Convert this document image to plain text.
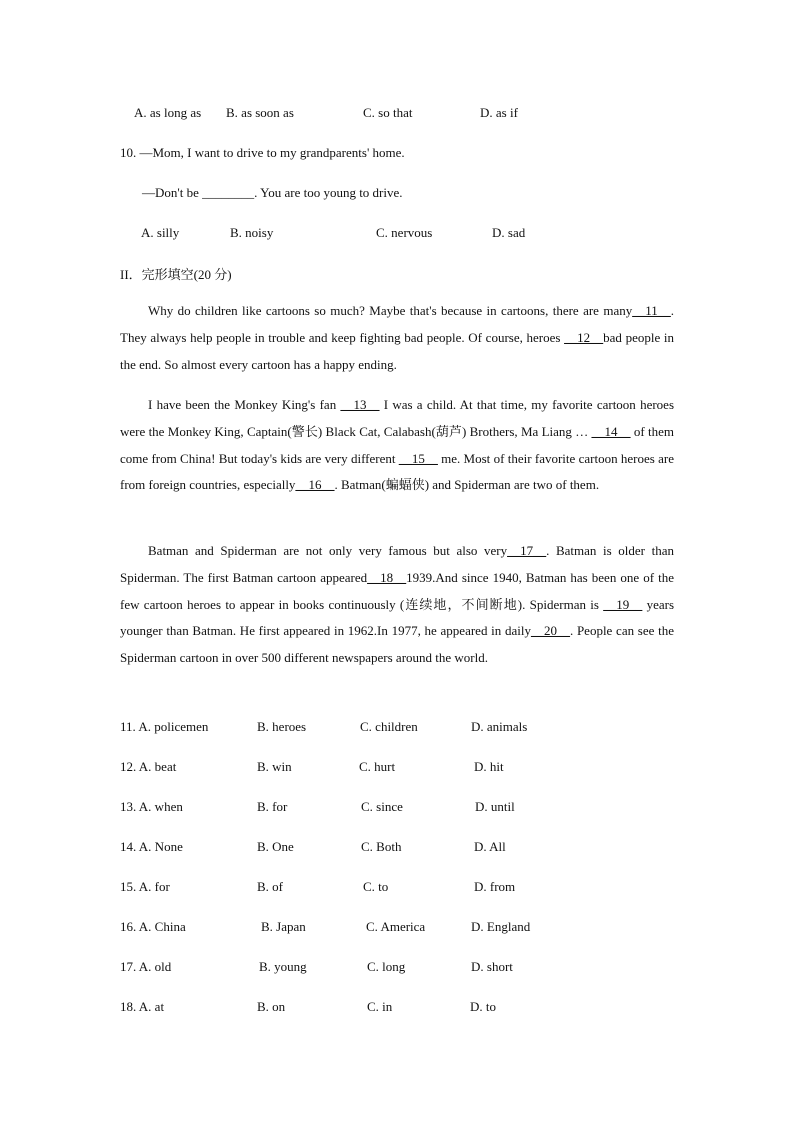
A. as long as B. as soon as	C. so that	D. as if
10. —Mom, I want to drive to my grandparents' home.
—Don't be ________. You are too young to drive.
A. silly	B. noisy	C. nervous	D. sad
II．完形填空(20 分)
Why do children like cartoons so much? Maybe that's because in cartoons, there are many__11__. They always help people in trouble and keep fighting bad people. Of course, heroes __12__bad people in the end. So almost every cartoon has a happy ending.
I have been the Monkey King's fan __13__ I was a child. At that time, my favorite cartoon heroes were the Monkey King, Captain(警长) Black Cat, Calabash(葫芦) Brothers, Ma Liang … __14__ of them come from China! But today's kids are very different __15__ me. Most of their favorite cartoon heroes are from foreign countries, especially__16__. Batman(蝙蝠侠) and Spiderman are two of them.
Batman and Spiderman are not only very famous but also very__17__. Batman is older than Spiderman. The first Batman cartoon appeared__18__1939.And since 1940, Batman has been one of the few cartoon heroes to appear in books continuously (连续地，不间断地). Spiderman is __19__ years younger than Batman. He first appeared in 1962.In 1977, he appeared in daily__20__. People can see the Spiderman cartoon in over 500 different newspapers around the world.
11. A. policemen	B. heroes	C. children	D. animals
12. A. beat	B. win	C. hurt	D. hit
13. A. when	B. for	C. since	D. until
14. A. None	B. One	C. Both	D. All
15. A. for	B. of	C. to	D. from
16. A. China	B. Japan	C. America	D. England
17. A. old	B. young	C. long	D. short
18. A. at	B. on	C. in	D. to
